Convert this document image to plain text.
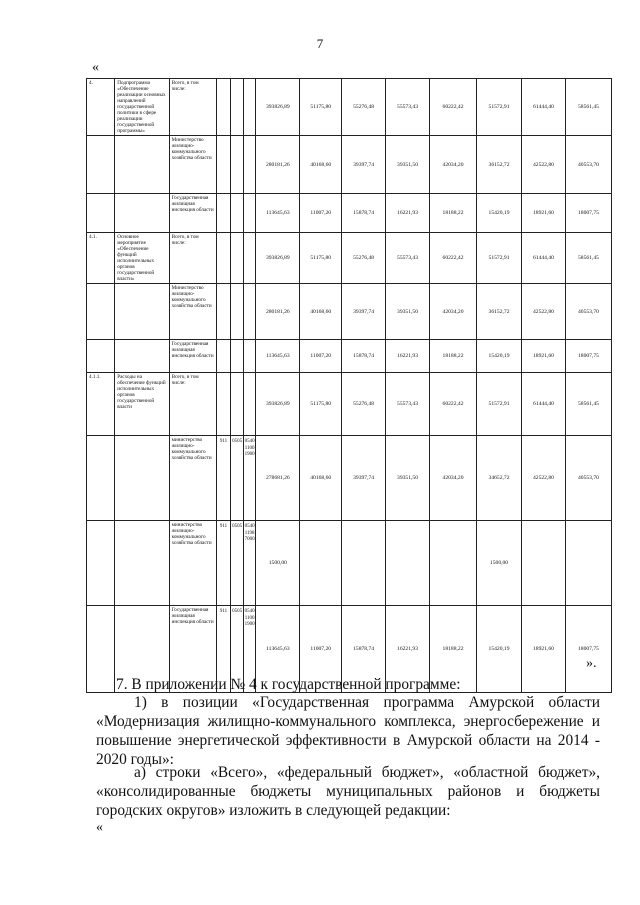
7
«
4.	Подпрограмма «Обеспечение реализации основных направлений государственной политики в сфере реализации государственной программы»	Всего, в том числе:				393826,89	51175,80	55276,48	55573,43	60222,42	51572,91	61444,40	58561,45
		Министерство жилищно-коммунального хозяйства области				280181,26	40168,60	39397,74	39351,50	42034,20	36152,72	42522,80	40553,70
		Государственная жилищная инспекция области				113645,63	11007,20	15878,74	16221,93	18188,22	15420,19	18921,60	18007,75
4.1.	Основное мероприятие «Обеспечение функций исполнительных органов государственной власти»	Всего, в том числе:				393826,89	51175,80	55276,48	55573,43	60222,42	51572,91	61444,40	58561,45
		Министерство жилищно-коммунального хозяйства области				280181,26	40168,60	39397,74	39351,50	42034,20	36152,72	42522,80	40553,70
		Государственная жилищная инспекция области				113645,63	11007,20	15878,74	16221,93	18188,22	15420,19	18921,60	18007,75
4.1.1.	Расходы на обеспечение функций исполнительных органов государственной власти	Всего, в том числе:				393826,89	51175,80	55276,48	55573,43	60222,42	51572,91	61444,40	58561,45
		министерство жилищно-коммунального хозяйства области	911	0505	054011001900	278681,26	40168,60	39397,74	39351,50	42034,20	34652,72	42522,80	40553,70
		министерство жилищно-коммунального хозяйства области	911	0505	054011987000	1500,00					1500,00		
		Государственная жилищная инспекция области	911	0505	054011001900	113645,63	11007,20	15878,74	16221,93	18188,22	15420,19	18921,60	18007,75
».
7. В приложении № 4 к государственной программе:
1) в позиции «Государственная программа Амурской области «Модернизация жилищно-коммунального комплекса, энергосбережение и повышение энергетической эффективности в Амурской области на 2014 - 2020 годы»:
а) строки «Всего», «федеральный бюджет», «областной бюджет», «консолидированные бюджеты муниципальных районов и бюджеты городских округов» изложить в следующей редакции:
«
